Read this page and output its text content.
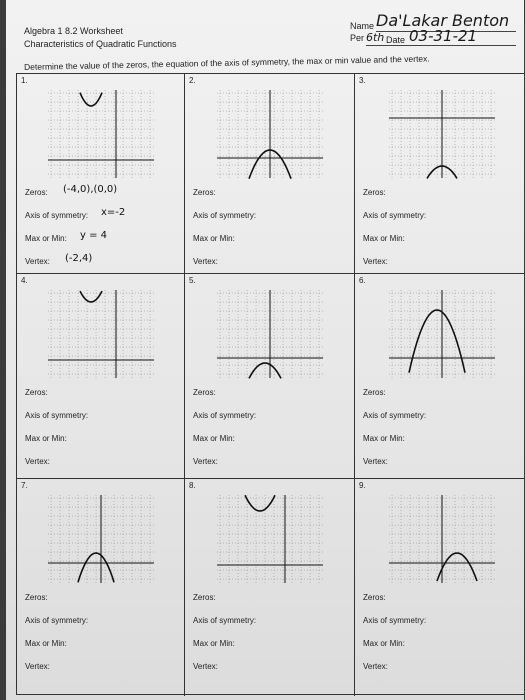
Algebra 1 8.2 Worksheet
Characteristics of Quadratic Functions
Name Da'Lakar Benton
Per 6th Date 03-31-21
Determine the value of the zeros, the equation of the axis of symmetry, the max or min value and the vertex.
1.
Zeros: (-4,0),(0,0)
Axis of symmetry: x=-2
Max or Min: y = 4
Vertex: (-2,4)
2.
Zeros:
Axis of symmetry:
Max or Min:
Vertex:
3.
Zeros:
Axis of symmetry:
Max or Min:
Vertex:
4.
Zeros:
Axis of symmetry:
Max or Min:
Vertex:
5.
Zeros:
Axis of symmetry:
Max or Min:
Vertex:
6.
Zeros:
Axis of symmetry:
Max or Min:
Vertex:
7.
Zeros:
Axis of symmetry:
Max or Min:
Vertex:
8.
Zeros:
Axis of symmetry:
Max or Min:
Vertex:
9.
Zeros:
Axis of symmetry:
Max or Min:
Vertex:
